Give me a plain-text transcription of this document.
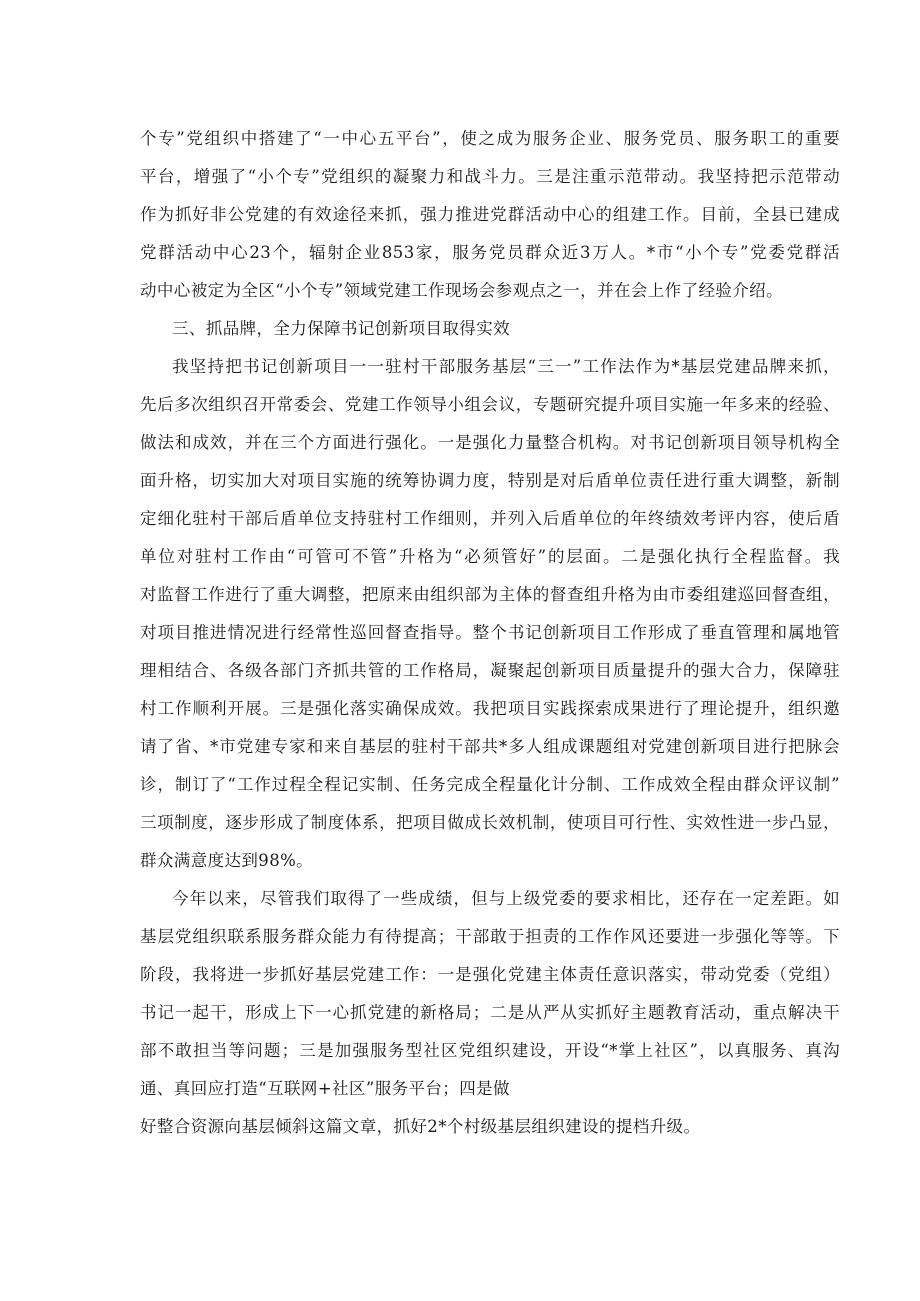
个专”党组织中搭建了“一中心五平台”，使之成为服务企业、服务党员、服务职工的重要
平台，增强了“小个专”党组织的凝聚力和战斗力。三是注重示范带动。我坚持把示范带动
作为抓好非公党建的有效途径来抓，强力推进党群活动中心的组建工作。目前，全县已建成
党群活动中心23个，辐射企业853家，服务党员群众近3万人。*市“小个专”党委党群活
动中心被定为全区“小个专”领域党建工作现场会参观点之一，并在会上作了经验介绍。
三、抓品牌，全力保障书记创新项目取得实效
我坚持把书记创新项目一一驻村干部服务基层“三一”工作法作为*基层党建品牌来抓，
先后多次组织召开常委会、党建工作领导小组会议，专题研究提升项目实施一年多来的经验、
做法和成效，并在三个方面进行强化。一是强化力量整合机构。对书记创新项目领导机构全
面升格，切实加大对项目实施的统筹协调力度，特别是对后盾单位责任进行重大调整，新制
定细化驻村干部后盾单位支持驻村工作细则，并列入后盾单位的年终绩效考评内容，使后盾
单位对驻村工作由“可管可不管”升格为“必须管好”的层面。二是强化执行全程监督。我
对监督工作进行了重大调整，把原来由组织部为主体的督查组升格为由市委组建巡回督查组，
对项目推进情况进行经常性巡回督查指导。整个书记创新项目工作形成了垂直管理和属地管
理相结合、各级各部门齐抓共管的工作格局，凝聚起创新项目质量提升的强大合力，保障驻
村工作顺利开展。三是强化落实确保成效。我把项目实践探索成果进行了理论提升，组织邀
请了省、*市党建专家和来自基层的驻村干部共*多人组成课题组对党建创新项目进行把脉会
诊，制订了“工作过程全程记实制、任务完成全程量化计分制、工作成效全程由群众评议制”
三项制度，逐步形成了制度体系，把项目做成长效机制，使项目可行性、实效性进一步凸显，
群众满意度达到98%。
今年以来，尽管我们取得了一些成绩，但与上级党委的要求相比，还存在一定差距。如
基层党组织联系服务群众能力有待提高；干部敢于担责的工作作风还要进一步强化等等。下
阶段，我将进一步抓好基层党建工作：一是强化党建主体责任意识落实，带动党委（党组）
书记一起干，形成上下一心抓党建的新格局；二是从严从实抓好主题教育活动，重点解决干
部不敢担当等问题；三是加强服务型社区党组织建设，开设“*掌上社区”，以真服务、真沟
通、真回应打造“互联网+社区”服务平台；四是做
好整合资源向基层倾斜这篇文章，抓好2*个村级基层组织建设的提档升级。
